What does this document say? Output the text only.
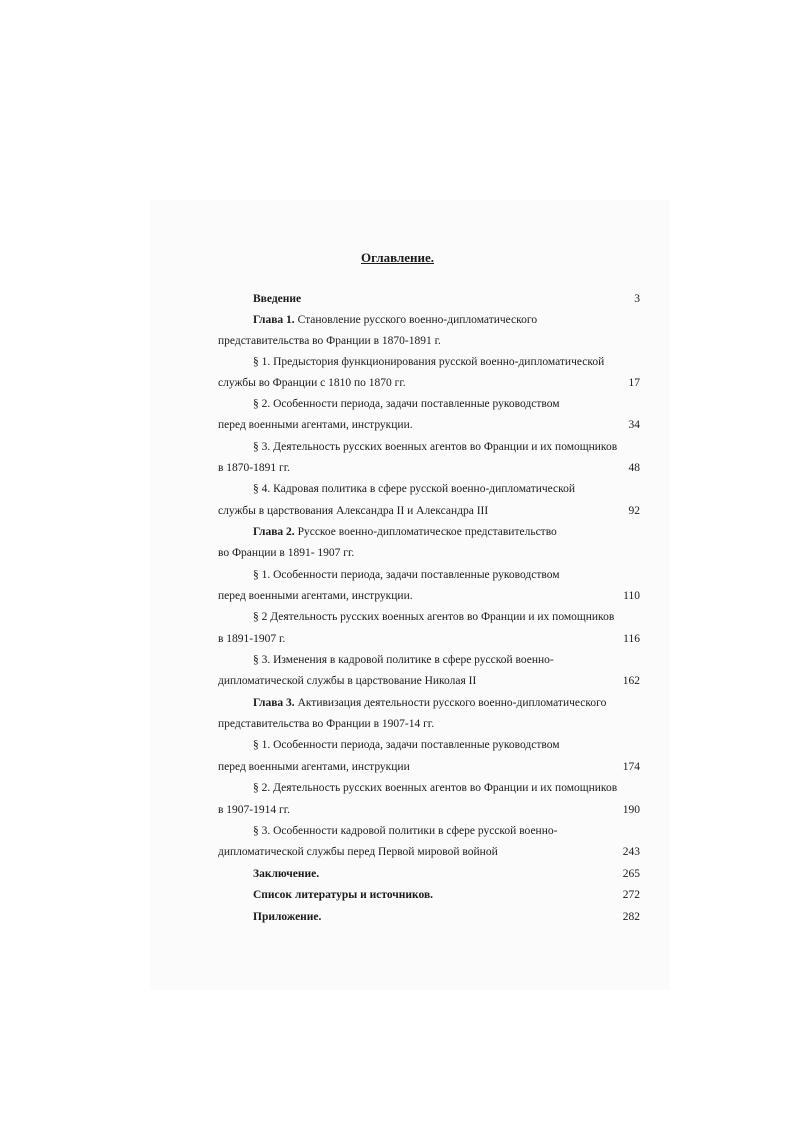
Оглавление.
Введение	3
Глава 1. Становление русского военно-дипломатического
представительства во Франции в 1870-1891 г.
§ 1. Предыстория функционирования русской военно-дипломатической
службы во Франции с 1810 по 1870 гг.	17
§ 2. Особенности периода, задачи поставленные руководством
перед военными агентами, инструкции.	34
§ 3. Деятельность русских военных агентов во Франции и их помощников
в 1870-1891 гг.	48
§ 4. Кадровая политика в сфере русской военно-дипломатической
службы в царствования Александра II и Александра III	92
Глава 2. Русское военно-дипломатическое представительство
во Франции в 1891- 1907 гг.
§ 1. Особенности периода, задачи поставленные руководством
перед военными агентами, инструкции.	110
§ 2 Деятельность русских военных агентов во Франции и их помощников
в 1891-1907 г.	116
§ 3. Изменения в кадровой политике в сфере русской военно-
дипломатической службы в царствование Николая II	162
Глава 3. Активизация деятельности русского военно-дипломатического
представительства во Франции в 1907-14 гг.
§ 1. Особенности периода, задачи поставленные руководством
перед военными агентами, инструкции	174
§ 2. Деятельность русских военных агентов во Франции и их помощников
в 1907-1914 гг.	190
§ 3. Особенности кадровой политики в сфере русской военно-
дипломатической службы перед Первой мировой войной	243
Заключение.	265
Список литературы и источников.	272
Приложение.	282
